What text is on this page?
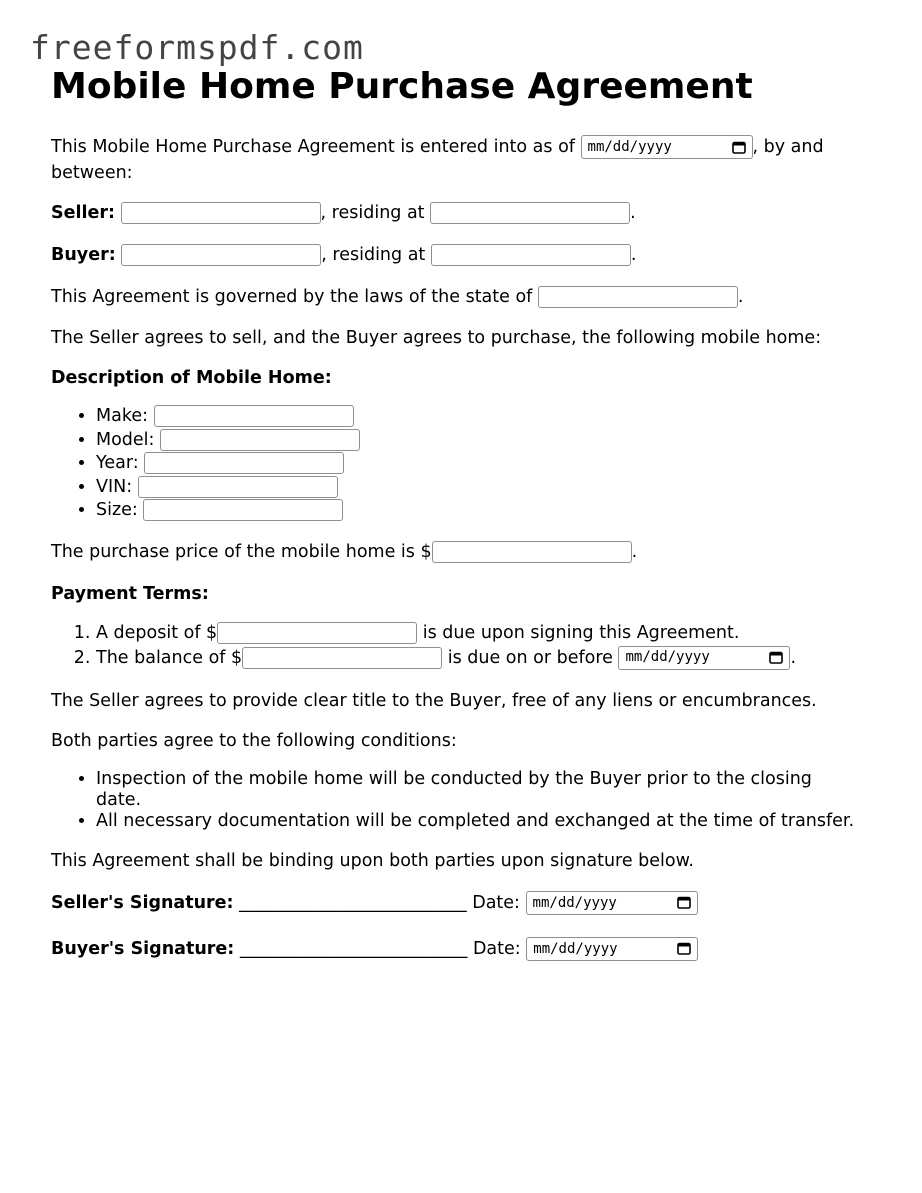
freeformspdf.com
Mobile Home Purchase Agreement

This Mobile Home Purchase Agreement is entered into as of mm/dd/yyyy	, by and between:

Seller:	, residing at	.

Buyer:	, residing at	.

This Agreement is governed by the laws of the state of	.

The Seller agrees to sell, and the Buyer agrees to purchase, the following mobile home:

Description of Mobile Home:

• Make:
• Model:
• Year:
• VIN:
• Size:

The purchase price of the mobile home is $	.

Payment Terms:

1. A deposit of $	is due upon signing this Agreement.
2. The balance of $	is due on or before mm/dd/yyyy	.

The Seller agrees to provide clear title to the Buyer, free of any liens or encumbrances.

Both parties agree to the following conditions:

• Inspection of the mobile home will be conducted by the Buyer prior to the closing date.
• All necessary documentation will be completed and exchanged at the time of transfer.

This Agreement shall be binding upon both parties upon signature below.

Seller's Signature: __________________________ Date: mm/dd/yyyy

Buyer's Signature: __________________________ Date: mm/dd/yyyy
